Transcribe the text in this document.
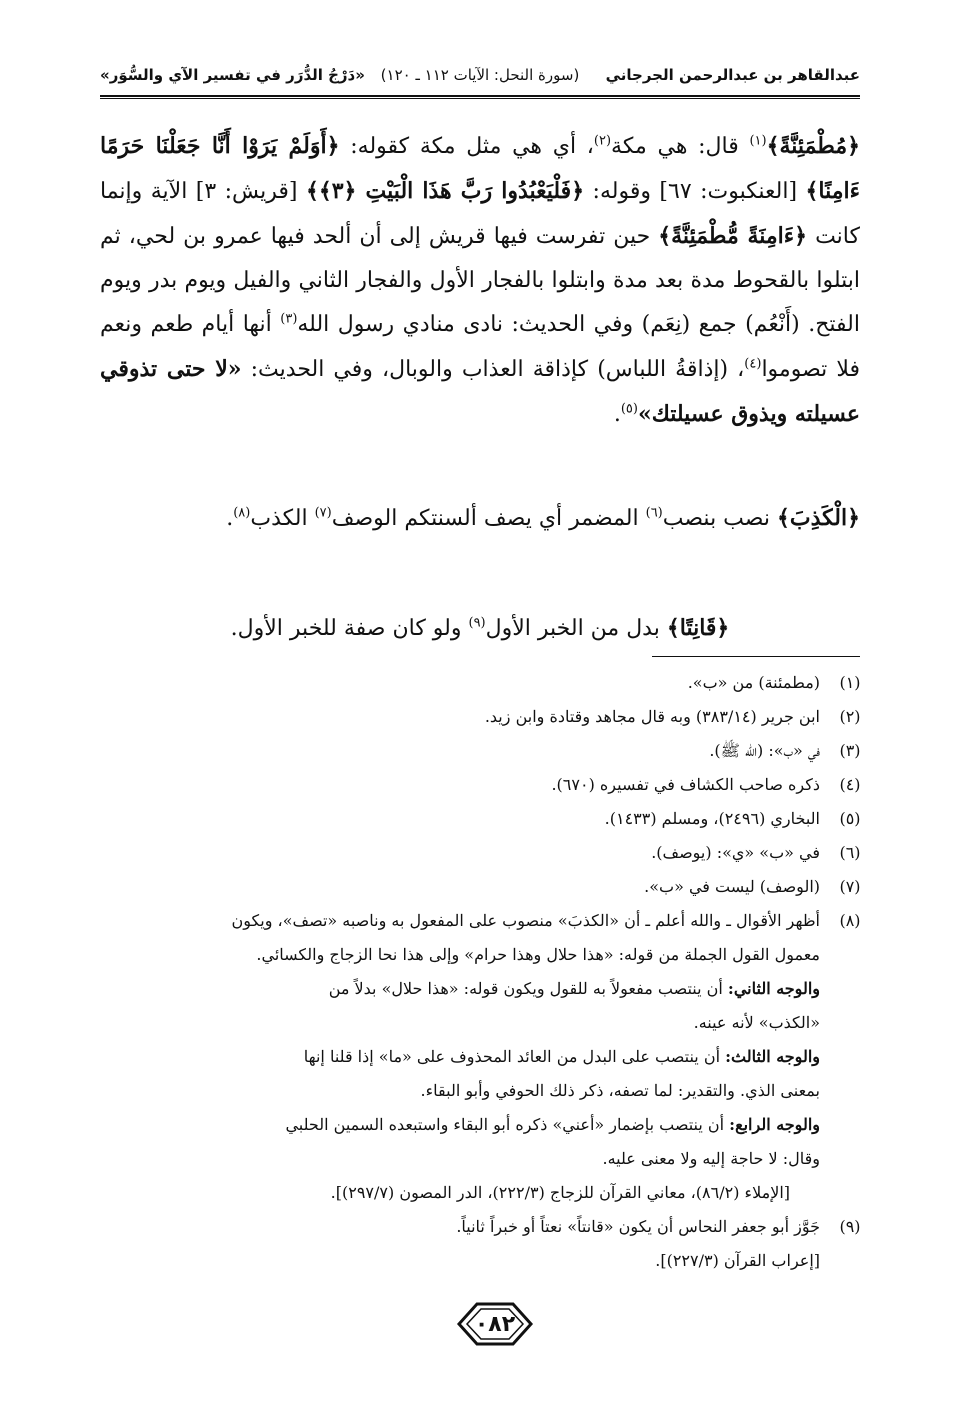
عبدالقاهر بن عبدالرحمن الجرجاني
(سورة النحل: الآيات ١١٢ ـ ١٢٠)
«دَرْجُ الدُّرَر في تفسير الآي والسُّوَر»

﴿مُطْمَئِنَّةً﴾$^{(١)}$ قال: هي مكة$^{(٢)}$، أي هي مثل مكة كقوله: ﴿أَوَلَمْ يَرَوْا أَنَّا جَعَلْنَا حَرَمًا ءَامِنًا﴾ [العنكبوت: ٦٧] وقوله: ﴿فَلْيَعْبُدُوا رَبَّ هَذَا الْبَيْتِ ﴿٣﴾﴾ [قريش: ٣] الآية وإنما كانت ﴿ءَامِنَةً مُّطْمَئِنَّةً﴾ حين تفرست فيها قريش إلى أن ألحد فيها عمرو بن لحي، ثم ابتلوا بالقحوط مدة بعد مدة وابتلوا بالفجار الأول والفجار الثاني والفيل ويوم بدر ويوم الفتح. (أَنْعُم) جمع (نِعَم) وفي الحديث: نادى منادي رسول الله$^{(٣)}$ أنها أيام طعم ونعم فلا تصوموا$^{(٤)}$، (إذاقةُ اللباس) كإذاقة العذاب والوبال، وفي الحديث: «لا حتى تذوقي عسيلته ويذوق عسيلتك»$^{(٥)}$.

﴿الْكَذِبَ﴾ نصب بنصب$^{(٦)}$ المضمر أي يصف ألسنتكم الوصف$^{(٧)}$ الكذب$^{(٨)}$.

﴿قَانِتًا﴾ بدل من الخبر الأول$^{(٩)}$ ولو كان صفة للخبر الأول.

(١)
(مطمئنة) من «ب».
(٢)
ابن جرير (٣٨٣/١٤) وبه قال مجاهد وقتادة وابن زيد.
(٣)
في «ب»: (الله ﷺ).
(٤)
ذكره صاحب الكشاف في تفسيره (٦٧٠).
(٥)
البخاري (٢٤٩٦)، ومسلم (١٤٣٣).
(٦)
في «ب» «ي»: (يوصف).
(٧)
(الوصف) ليست في «ب».
(٨)
أظهر الأقوال ـ والله أعلم ـ أن «الكذبَ» منصوب على المفعول به وناصبه «تصف»، ويكون
معمول القول الجملة من قوله: «هذا حلال وهذا حرام» وإلى هذا نحا الزجاج والكسائي.
والوجه الثاني: أن ينتصب مفعولاً به للقول ويكون قوله: «هذا حلال» بدلاً من
«الكذب» لأنه عينه.
والوجه الثالث: أن ينتصب على البدل من العائد المحذوف على «ما» إذا قلنا إنها
بمعنى الذي. والتقدير: لما تصفه، ذكر ذلك الحوفي وأبو البقاء.
والوجه الرابع: أن ينتصب بإضمار «أعني» ذكره أبو البقاء واستبعده السمين الحلبي
وقال: لا حاجة إليه ولا معنى عليه.
[الإملاء (٨٦/٢)، معاني القرآن للزجاج (٢٢٢/٣)، الدر المصون (٢٩٧/٧)].
(٩)
جَوَّز أبو جعفر النحاس أن يكون «قانتاً» نعتاً أو خبراً ثانياً.
[إعراب القرآن (٢٢٧/٣)].
٠٨٢
